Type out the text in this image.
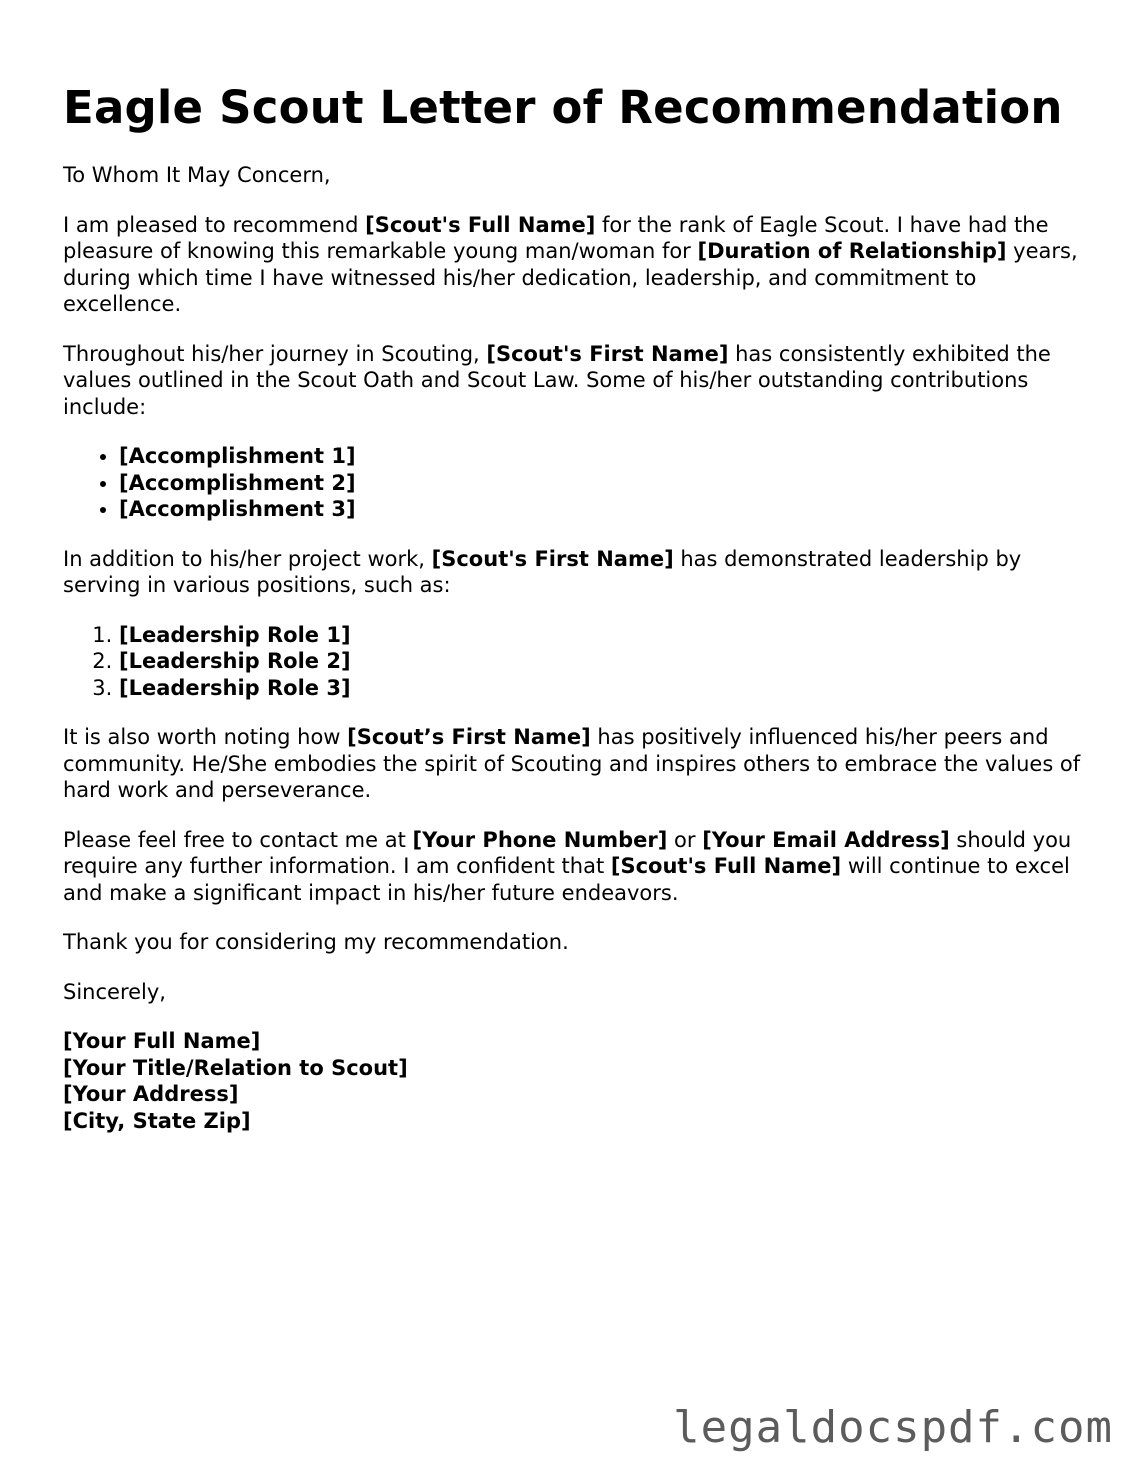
Eagle Scout Letter of Recommendation

To Whom It May Concern,

I am pleased to recommend [Scout's Full Name] for the rank of Eagle Scout. I have had the pleasure of knowing this remarkable young man/woman for [Duration of Relationship] years, during which time I have witnessed his/her dedication, leadership, and commitment to excellence.

Throughout his/her journey in Scouting, [Scout's First Name] has consistently exhibited the values outlined in the Scout Oath and Scout Law. Some of his/her outstanding contributions include:

• [Accomplishment 1]
• [Accomplishment 2]
• [Accomplishment 3]

In addition to his/her project work, [Scout's First Name] has demonstrated leadership by serving in various positions, such as:

1. [Leadership Role 1]
2. [Leadership Role 2]
3. [Leadership Role 3]

It is also worth noting how [Scout’s First Name] has positively influenced his/her peers and community. He/She embodies the spirit of Scouting and inspires others to embrace the values of hard work and perseverance.

Please feel free to contact me at [Your Phone Number] or [Your Email Address] should you require any further information. I am confident that [Scout's Full Name] will continue to excel and make a significant impact in his/her future endeavors.

Thank you for considering my recommendation.

Sincerely,

[Your Full Name]

[Your Title/Relation to Scout]

[Your Address]

[City, State Zip]

legaldocspdf.com
